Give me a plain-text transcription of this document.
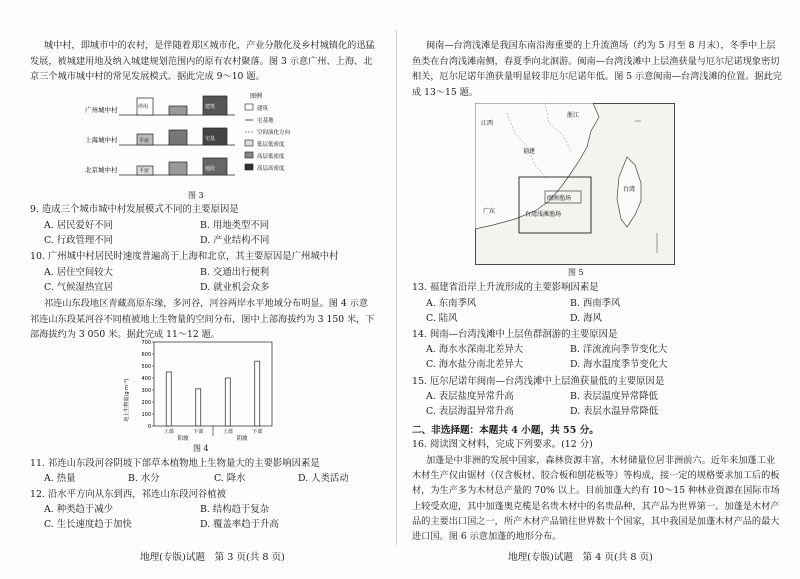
城中村，即城市中的农村，是伴随着郑区城市化，产业分散化及乡村城镇化的迅猛发展，被城建用地及纳入城建规划范围内的原有农村聚落。图 3 示意广州、上海、北京三个城市城中村的常见发展模式。据此完成 9～10 题。
广州城中村	停用	建筑
上海城中村	平房	宅基
北京城中村	平房	地段
图例
建筑
宅基地
空间演化方向
低层低密度
高层低密度
高层高密度
图 3
9. 造成三个城市城中村发展模式不同的主要原因是
A. 居民爱好不同	B. 用地类型不同
C. 行政管理不同	D. 产业结构不同
10. 广州城中村居民时速度普遍高于上海和北京，其主要原因是广州城中村
A. 居住空间较大	B. 交通出行便利
C. 气候湿热宜居	D. 就业机会众多
祁连山东段地区青藏高原东缘，多河谷，河谷两岸水平地域分布明显。图 4 示意祁连山东段某河谷不同植被地上生物量的空间分布，图中上部海拔约为 3 150 米，下部海拔约为 3 050 米。据此完成 11～12 题。
地上生物量(g·m⁻²)
0
100
200
300
400
500
600
700
上部	下部	上部	下部
阳坡	阴坡
图 4
11. 祁连山东段河谷阴坡下部草本植物地上生物量大的主要影响因素是
A. 热量	B. 水分	C. 降水	D. 人类活动
12. 沿水平方向从东到西，祁连山东段河谷植被
A. 种类趋于减少	B. 结构趋于复杂
C. 生长速度趋于加快	D. 覆盖率趋于升高
地理(专版)试题　第 3 页(共 8 页)
闽南—台湾浅滩是我国东南沿海重要的上升流渔场（约为 5 月至 8 月末），冬季中上层鱼类在台湾浅滩南侧，春夏季向北洄游。闽南—台湾浅滩中上层渔获量与厄尔尼诺现象密切相关，厄尔尼诺年渔获量明显较非厄尔尼诺年低。图 5 示意闽南—台湾浅滩的位置。据此完成 13～15 题。
闽南渔场
台湾浅滩渔场
江西
浙江
福建
台湾
广东
图 5
13. 福建省沿岸上升流形成的主要影响因素是
A. 东南季风	B. 西南季风
C. 陆风	D. 海风
14. 闽南—台湾浅滩中上层鱼群洄游的主要原因是
A. 海水水深南北差异大	B. 洋流流向季节变化大
C. 海水盐分南北差异大	D. 海水温度季节变化大
15. 厄尔尼诺年闽南—台湾浅滩中上层渔获量低的主要原因是
A. 表层盐度异常升高	B. 表层温度异常降低
C. 表层海温异常升高	D. 表层水温异常降低
二、非选择题：本题共 4 小题，共 55 分。
16. 阅读图文材料，完成下列要求。(12 分)
加蓬是中非洲的发展中国家，森林资源丰富，木材储量位居非洲前六。近年来加蓬工业木材生产仅由锯材（仅含板材、胶合板和刨花板等）等构成，接一定的规格要求加工后的板材，为生产多为木材总产量的 70% 以上。目前加蓬大约有 10～15 种林业资源在国际市场上较受欢迎，其中加蓬奥克榄是名贵木材中的名贵品种，其产品为世界第一。加蓬是木材产品的主要出口国之一，所产木材产品销往世界数十个国家，其中我国是加蓬木材产品的最大进口国。图 6 示意加蓬的地形分布。
地理(专版)试题　第 4 页(共 8 页)
